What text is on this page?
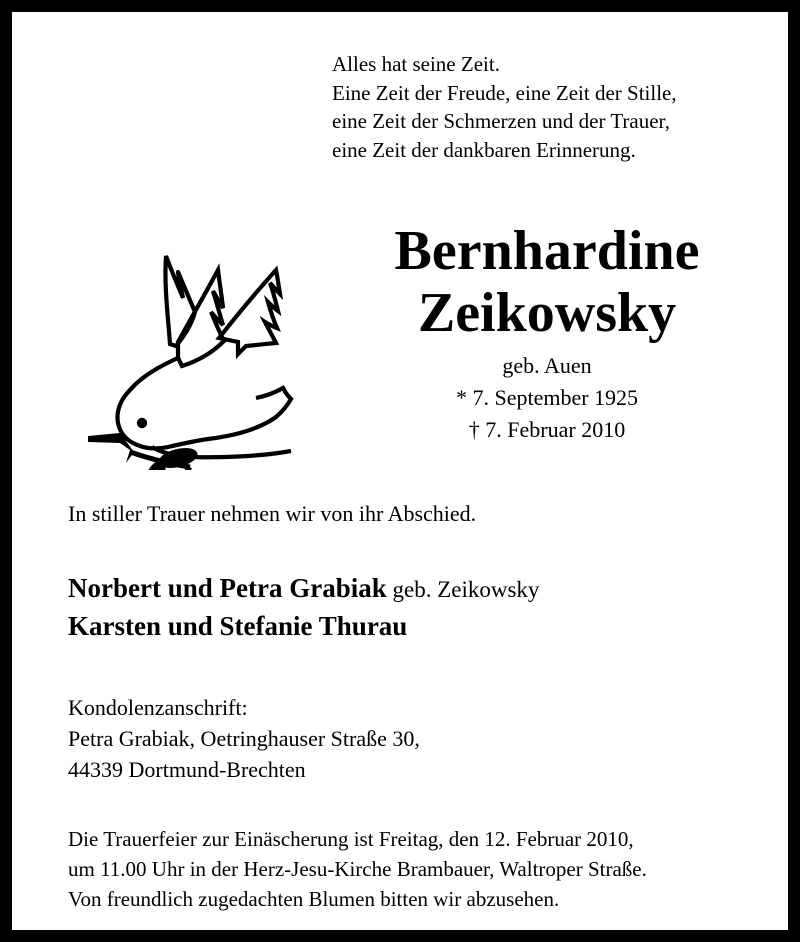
Alles hat seine Zeit.
Eine Zeit der Freude, eine Zeit der Stille,
eine Zeit der Schmerzen und der Trauer,
eine Zeit der dankbaren Erinnerung.
Bernhardine
Zeikowsky
geb. Auen
* 7. September 1925
† 7. Februar 2010
In stiller Trauer nehmen wir von ihr Abschied.
Norbert und Petra Grabiak geb. Zeikowsky
Karsten und Stefanie Thurau
Kondolenzanschrift:
Petra Grabiak, Oetringhauser Straße 30,
44339 Dortmund-Brechten
Die Trauerfeier zur Einäscherung ist Freitag, den 12. Februar 2010,
um 11.00 Uhr in der Herz-Jesu-Kirche Brambauer, Waltroper Straße.
Von freundlich zugedachten Blumen bitten wir abzusehen.
